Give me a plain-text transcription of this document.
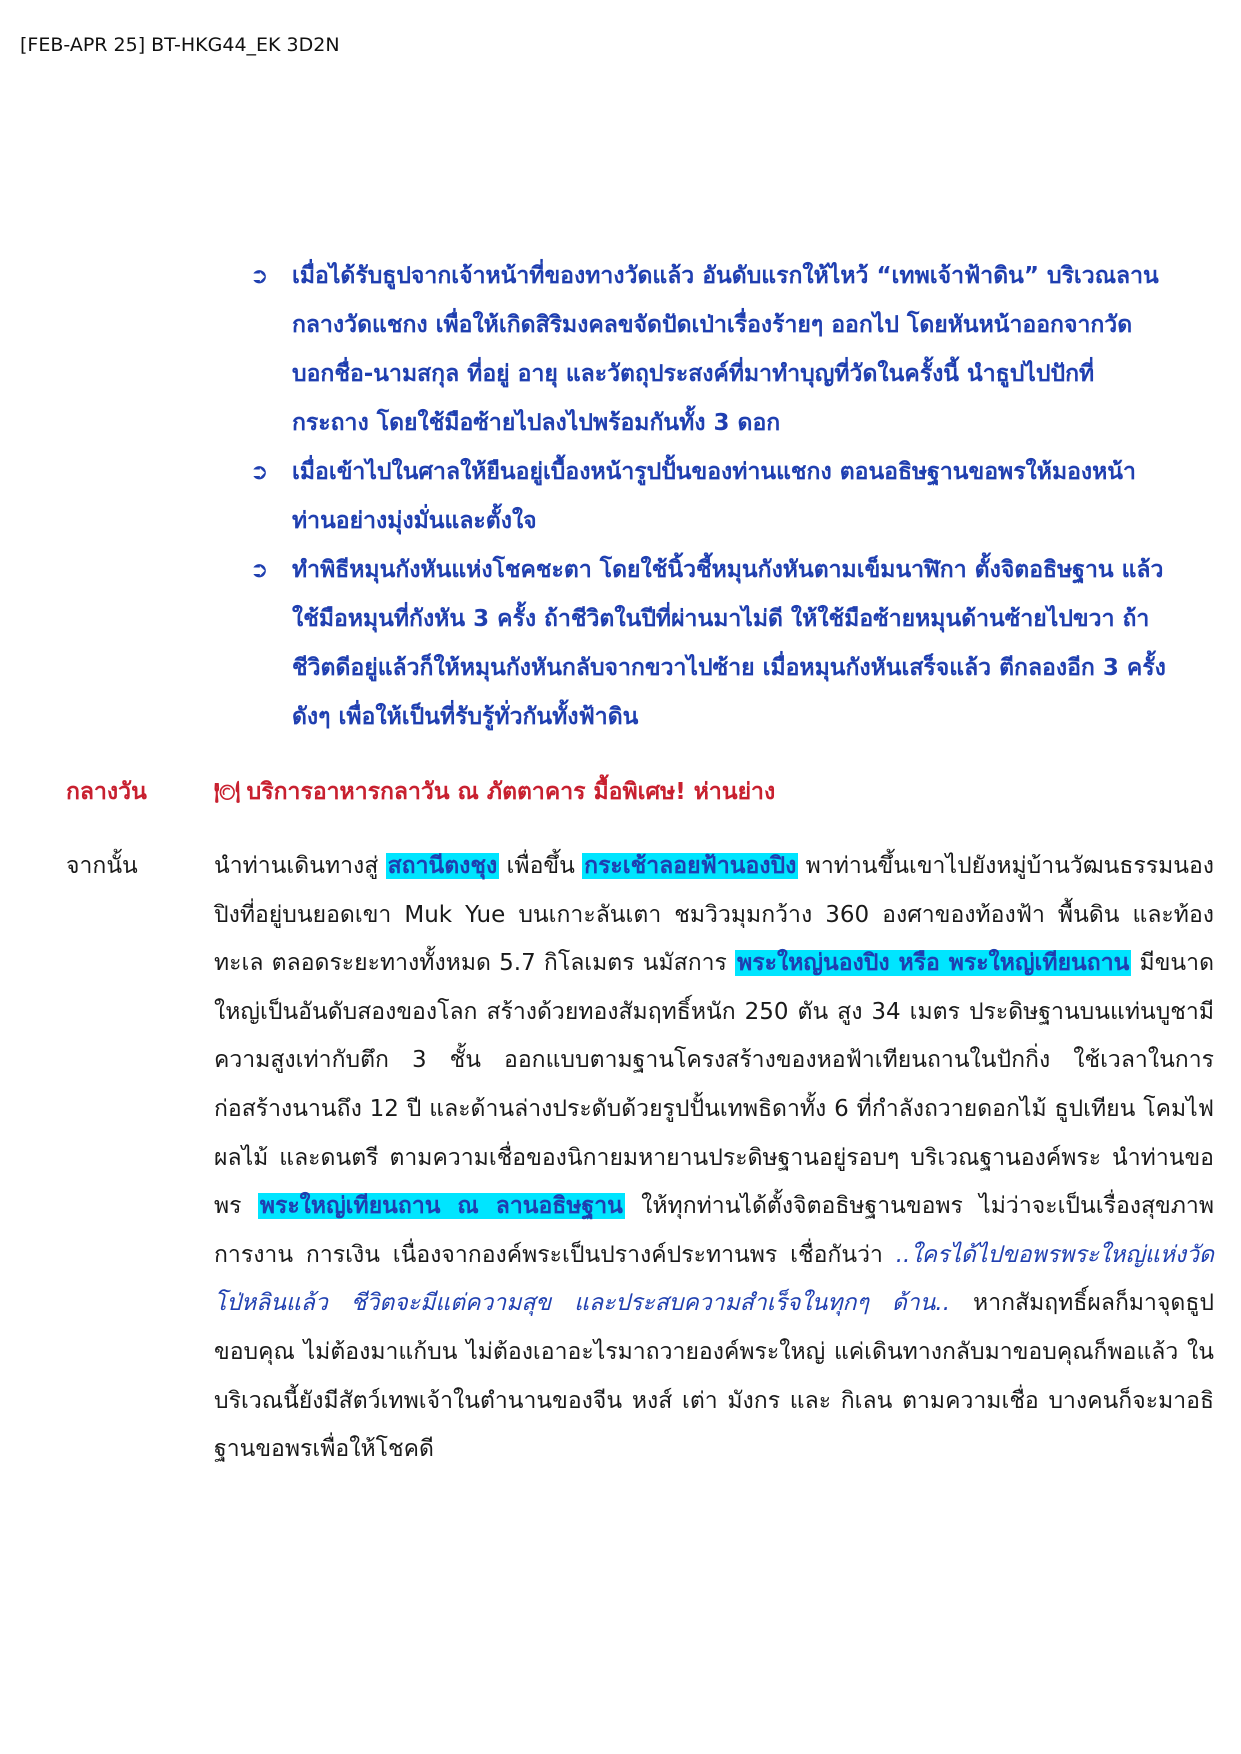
[FEB-APR 25] BT-HKG44_EK 3D2N
➲ เมื่อได้รับธูปจากเจ้าหน้าที่ของทางวัดแล้ว อันดับแรกให้ไหว้ “เทพเจ้าฟ้าดิน” บริเวณลานกลางวัดแชกง เพื่อให้เกิดสิริมงคลขจัดปัดเป่าเรื่องร้ายๆ ออกไป โดยหันหน้าออกจากวัด บอกชื่อ-นามสกุล ที่อยู่ อายุ และวัตถุประสงค์ที่มาทำบุญที่วัดในครั้งนี้ นำธูปไปปักที่กระถาง โดยใช้มือซ้ายไปลงไปพร้อมกันทั้ง 3 ดอก
➲ เมื่อเข้าไปในศาลให้ยืนอยู่เบื้องหน้ารูปปั้นของท่านแชกง ตอนอธิษฐานขอพรให้มองหน้าท่านอย่างมุ่งมั่นและตั้งใจ
➲ ทำพิธีหมุนกังหันแห่งโชคชะตา โดยใช้นิ้วชี้หมุนกังหันตามเข็มนาฬิกา ตั้งจิตอธิษฐาน แล้วใช้มือหมุนที่กังหัน 3 ครั้ง ถ้าชีวิตในปีที่ผ่านมาไม่ดี ให้ใช้มือซ้ายหมุนด้านซ้ายไปขวา ถ้าชีวิตดีอยู่แล้วก็ให้หมุนกังหันกลับจากขวาไปซ้าย เมื่อหมุนกังหันเสร็จแล้ว ตีกลองอีก 3 ครั้ง ดังๆ เพื่อให้เป็นที่รับรู้ทั่วกันทั้งฟ้าดิน
กลางวัน	🍽 บริการอาหารกลาวัน ณ ภัตตาคาร มื้อพิเศษ! ห่านย่าง
จากนั้น	นำท่านเดินทางสู่ สถานีตงชุง เพื่อขึ้น กระเช้าลอยฟ้านองปิง พาท่านขึ้นเขาไปยังหมู่บ้านวัฒนธรรมนองปิงที่อยู่บนยอดเขา Muk Yue บนเกาะลันเตา ชมวิวมุมกว้าง 360 องศาของท้องฟ้า พื้นดิน และท้องทะเล ตลอดระยะทางทั้งหมด 5.7 กิโลเมตร นมัสการ พระใหญ่นองปิง หรือ พระใหญ่เทียนถาน มีขนาดใหญ่เป็นอันดับสองของโลก สร้างด้วยทองสัมฤทธิ์หนัก 250 ตัน สูง 34 เมตร ประดิษฐานบนแท่นบูชามีความสูงเท่ากับตึก 3 ชั้น ออกแบบตามฐานโครงสร้างของหอฟ้าเทียนถานในปักกิ่ง ใช้เวลาในการก่อสร้างนานถึง 12 ปี และด้านล่างประดับด้วยรูปปั้นเทพธิดาทั้ง 6 ที่กำลังถวายดอกไม้ ธูปเทียน โคมไฟ ผลไม้ และดนตรี ตามความเชื่อของนิกายมหายานประดิษฐานอยู่รอบๆ บริเวณฐานองค์พระ นำท่านขอพร พระใหญ่เทียนถาน ณ ลานอธิษฐาน ให้ทุกท่านได้ตั้งจิตอธิษฐานขอพร ไม่ว่าจะเป็นเรื่องสุขภาพ การงาน การเงิน เนื่องจากองค์พระเป็นปรางค์ประทานพร เชื่อกันว่า ..ใครได้ไปขอพรพระใหญ่แห่งวัดโป่หลินแล้ว ชีวิตจะมีแต่ความสุข และประสบความสำเร็จในทุกๆ ด้าน.. หากสัมฤทธิ์ผลก็มาจุดธูปขอบคุณ ไม่ต้องมาแก้บน ไม่ต้องเอาอะไรมาถวายองค์พระใหญ่ แค่เดินทางกลับมาขอบคุณก็พอแล้ว ในบริเวณนี้ยังมีสัตว์เทพเจ้าในตำนานของจีน หงส์ เต่า มังกร และ กิเลน ตามความเชื่อ บางคนก็จะมาอธิฐานขอพรเพื่อให้โชคดี
